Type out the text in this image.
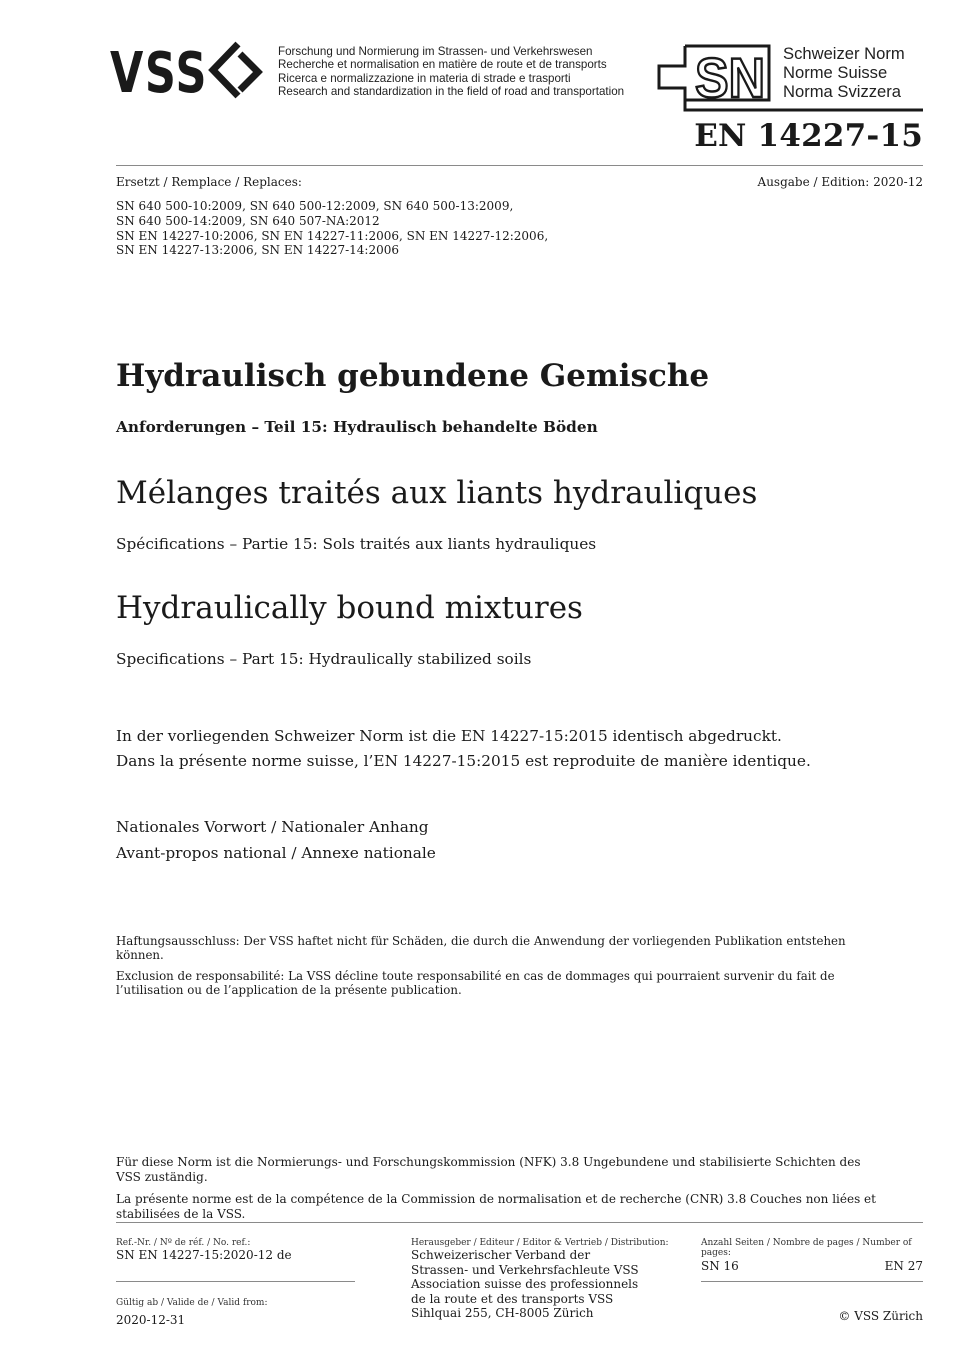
VSS	Forschung und Normierung im Strassen- und Verkehrswesen
Recherche et normalisation en matière de route et de transports
Ricerca e normalizzazione in materia di strade e trasporti
Research and standardization in the field of road and transportation SN Schweizer Norm
Norme Suisse
Norma Svizzera
EN 14227-15
Ersetzt / Remplace / Replaces:	Ausgabe / Edition: 2020-12
SN 640 500-10:2009, SN 640 500-12:2009, SN 640 500-13:2009,
SN 640 500-14:2009, SN 640 507-NA:2012
SN EN 14227-10:2006, SN EN 14227-11:2006, SN EN 14227-12:2006,
SN EN 14227-13:2006, SN EN 14227-14:2006
Hydraulisch gebundene Gemische
Anforderungen – Teil 15: Hydraulisch behandelte Böden
Mélanges traités aux liants hydrauliques
Spécifications – Partie 15: Sols traités aux liants hydrauliques
Hydraulically bound mixtures
Specifications – Part 15: Hydraulically stabilized soils
In der vorliegenden Schweizer Norm ist die EN 14227-15:2015 identisch abgedruckt.
Dans la présente norme suisse, l’EN 14227-15:2015 est reproduite de manière identique.
Nationales Vorwort / Nationaler Anhang
Avant-propos national / Annexe nationale

Haftungsausschluss: Der VSS haftet nicht für Schäden, die durch die Anwendung der vorliegenden Publikation entstehen können.

Exclusion de responsabilité: La VSS décline toute responsabilité en cas de dommages qui pourraient survenir du fait de l’utilisation ou de l’application de la présente publication.

Für diese Norm ist die Normierungs- und Forschungskommission (NFK) 3.8 Ungebundene und stabilisierte Schichten des VSS zuständig.

La présente norme est de la compétence de la Commission de normalisation et de recherche (CNR) 3.8 Couches non liées et stabilisées de la VSS.

Ref.-Nr. / Nº de réf. / No. ref.:
SN EN 14227-15:2020-12 de
Gültig ab / Valide de / Valid from:
2020-12-31
Herausgeber / Editeur / Editor & Vertrieb / Distribution:
Schweizerischer Verband der
Strassen- und Verkehrsfachleute VSS
Association suisse des professionnels
de la route et des transports VSS
Sihlquai 255, CH-8005 Zürich
Anzahl Seiten / Nombre de pages / Number of pages:
SN 16	EN 27
© VSS Zürich
